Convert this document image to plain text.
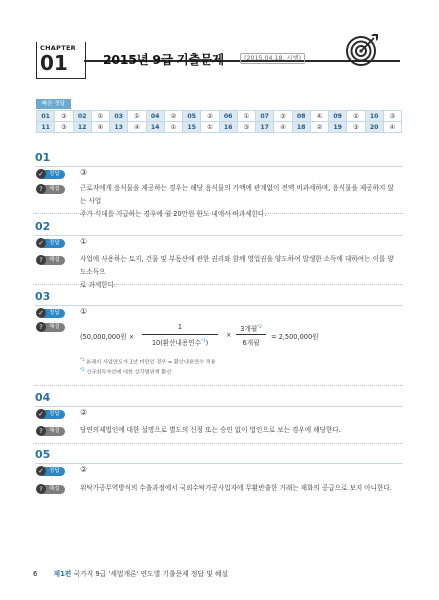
CHAPTER
01	2015년 9급 기출문제	(2015.04.18. 시행)
빠른 정답
01	③	02	①	03	①	04	②	05	②	06	①	07	③	08	④	09	②	10	③
11	③	12	④	13	④	14	①	15	①	16	③	17	④	18	②	19	③	20	④
01
✓ 정답	③
? 해설	근로자에게 음식물을 제공하는 경우는 해당 음식물의 가액에 관계없이 전액 비과세하며, 음식물을 제공하지 않는 사업
주가 식대를 지급하는 경우에 월 20만원 한도 내에서 비과세한다.
02
✓ 정답	①
? 해설	사업에 사용하는 토지, 건물 및 부동산에 관한 권리와 함께 영업권을 양도하여 발생한 소득에 대하여는 이를 양도소득으
로 과세한다.
03
✓ 정답	①
? 해설
(50,000,000원 ×
1
10(환산내용연수$^{*1}$)
×
3개월$^{*2}$
6개월
= 2,500,000원
$^{*1}$ 본래의 사업연도가 1년 미만인 경우 = 환산내용연수 적용
$^{*2}$ 신규취득자산에 대한 상각범위액 환산
04
✓ 정답	②
? 해설	당연의제법인에 대한 설명으로 별도의 신청 또는 승인 없이 법인으로 보는 경우에 해당한다.
05
✓ 정답	②
? 해설	위탁가공무역방식의 수출과정에서 국외수탁가공사업자에 무환반출한 거래는 재화의 공급으로 보지 아니한다.
6 제1편 국가직 9급 '세법개론' 연도별 기출문제 정답 및 해설
